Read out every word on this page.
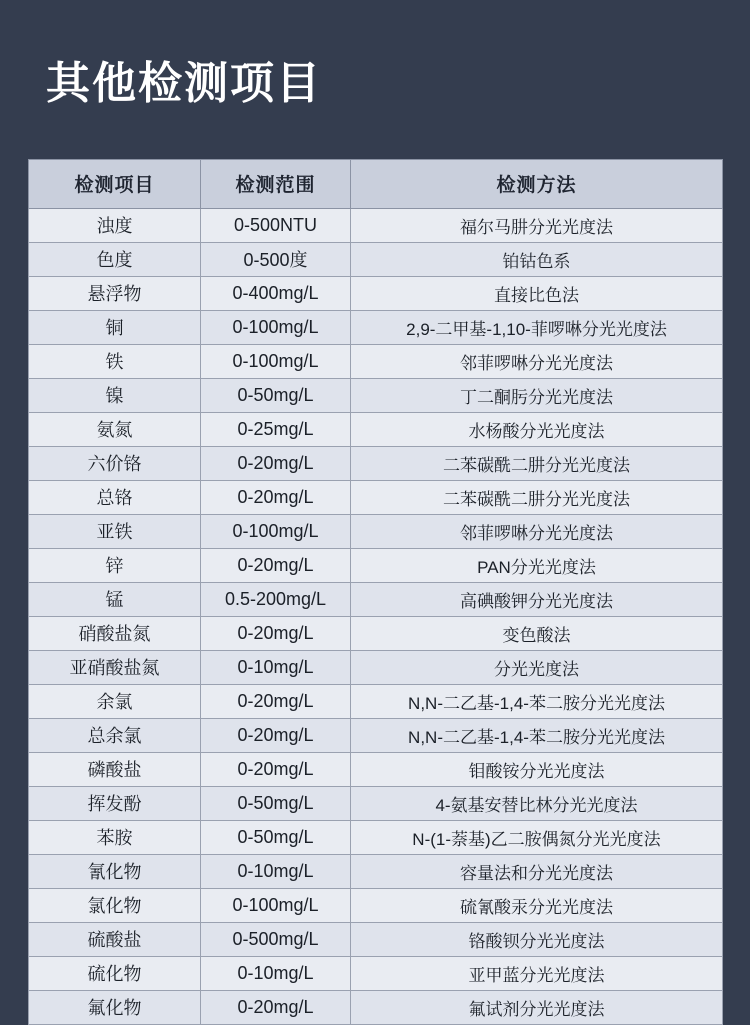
其他检测项目
检测项目	检测范围	检测方法
浊度	0-500NTU	福尔马肼分光光度法
色度	0-500度	铂钴色系
悬浮物	0-400mg/L	直接比色法
铜	0-100mg/L	2,9-二甲基-1,10-菲啰啉分光光度法
铁	0-100mg/L	邻菲啰啉分光光度法
镍	0-50mg/L	丁二酮肟分光光度法
氨氮	0-25mg/L	水杨酸分光光度法
六价铬	0-20mg/L	二苯碳酰二肼分光光度法
总铬	0-20mg/L	二苯碳酰二肼分光光度法
亚铁	0-100mg/L	邻菲啰啉分光光度法
锌	0-20mg/L	PAN分光光度法
锰	0.5-200mg/L	高碘酸钾分光光度法
硝酸盐氮	0-20mg/L	变色酸法
亚硝酸盐氮	0-10mg/L	分光光度法
余氯	0-20mg/L	N,N-二乙基-1,4-苯二胺分光光度法
总余氯	0-20mg/L	N,N-二乙基-1,4-苯二胺分光光度法
磷酸盐	0-20mg/L	钼酸铵分光光度法
挥发酚	0-50mg/L	4-氨基安替比林分光光度法
苯胺	0-50mg/L	N-(1-萘基)乙二胺偶氮分光光度法
氰化物	0-10mg/L	容量法和分光光度法
氯化物	0-100mg/L	硫氰酸汞分光光度法
硫酸盐	0-500mg/L	铬酸钡分光光度法
硫化物	0-10mg/L	亚甲蓝分光光度法
氟化物	0-20mg/L	氟试剂分光光度法
